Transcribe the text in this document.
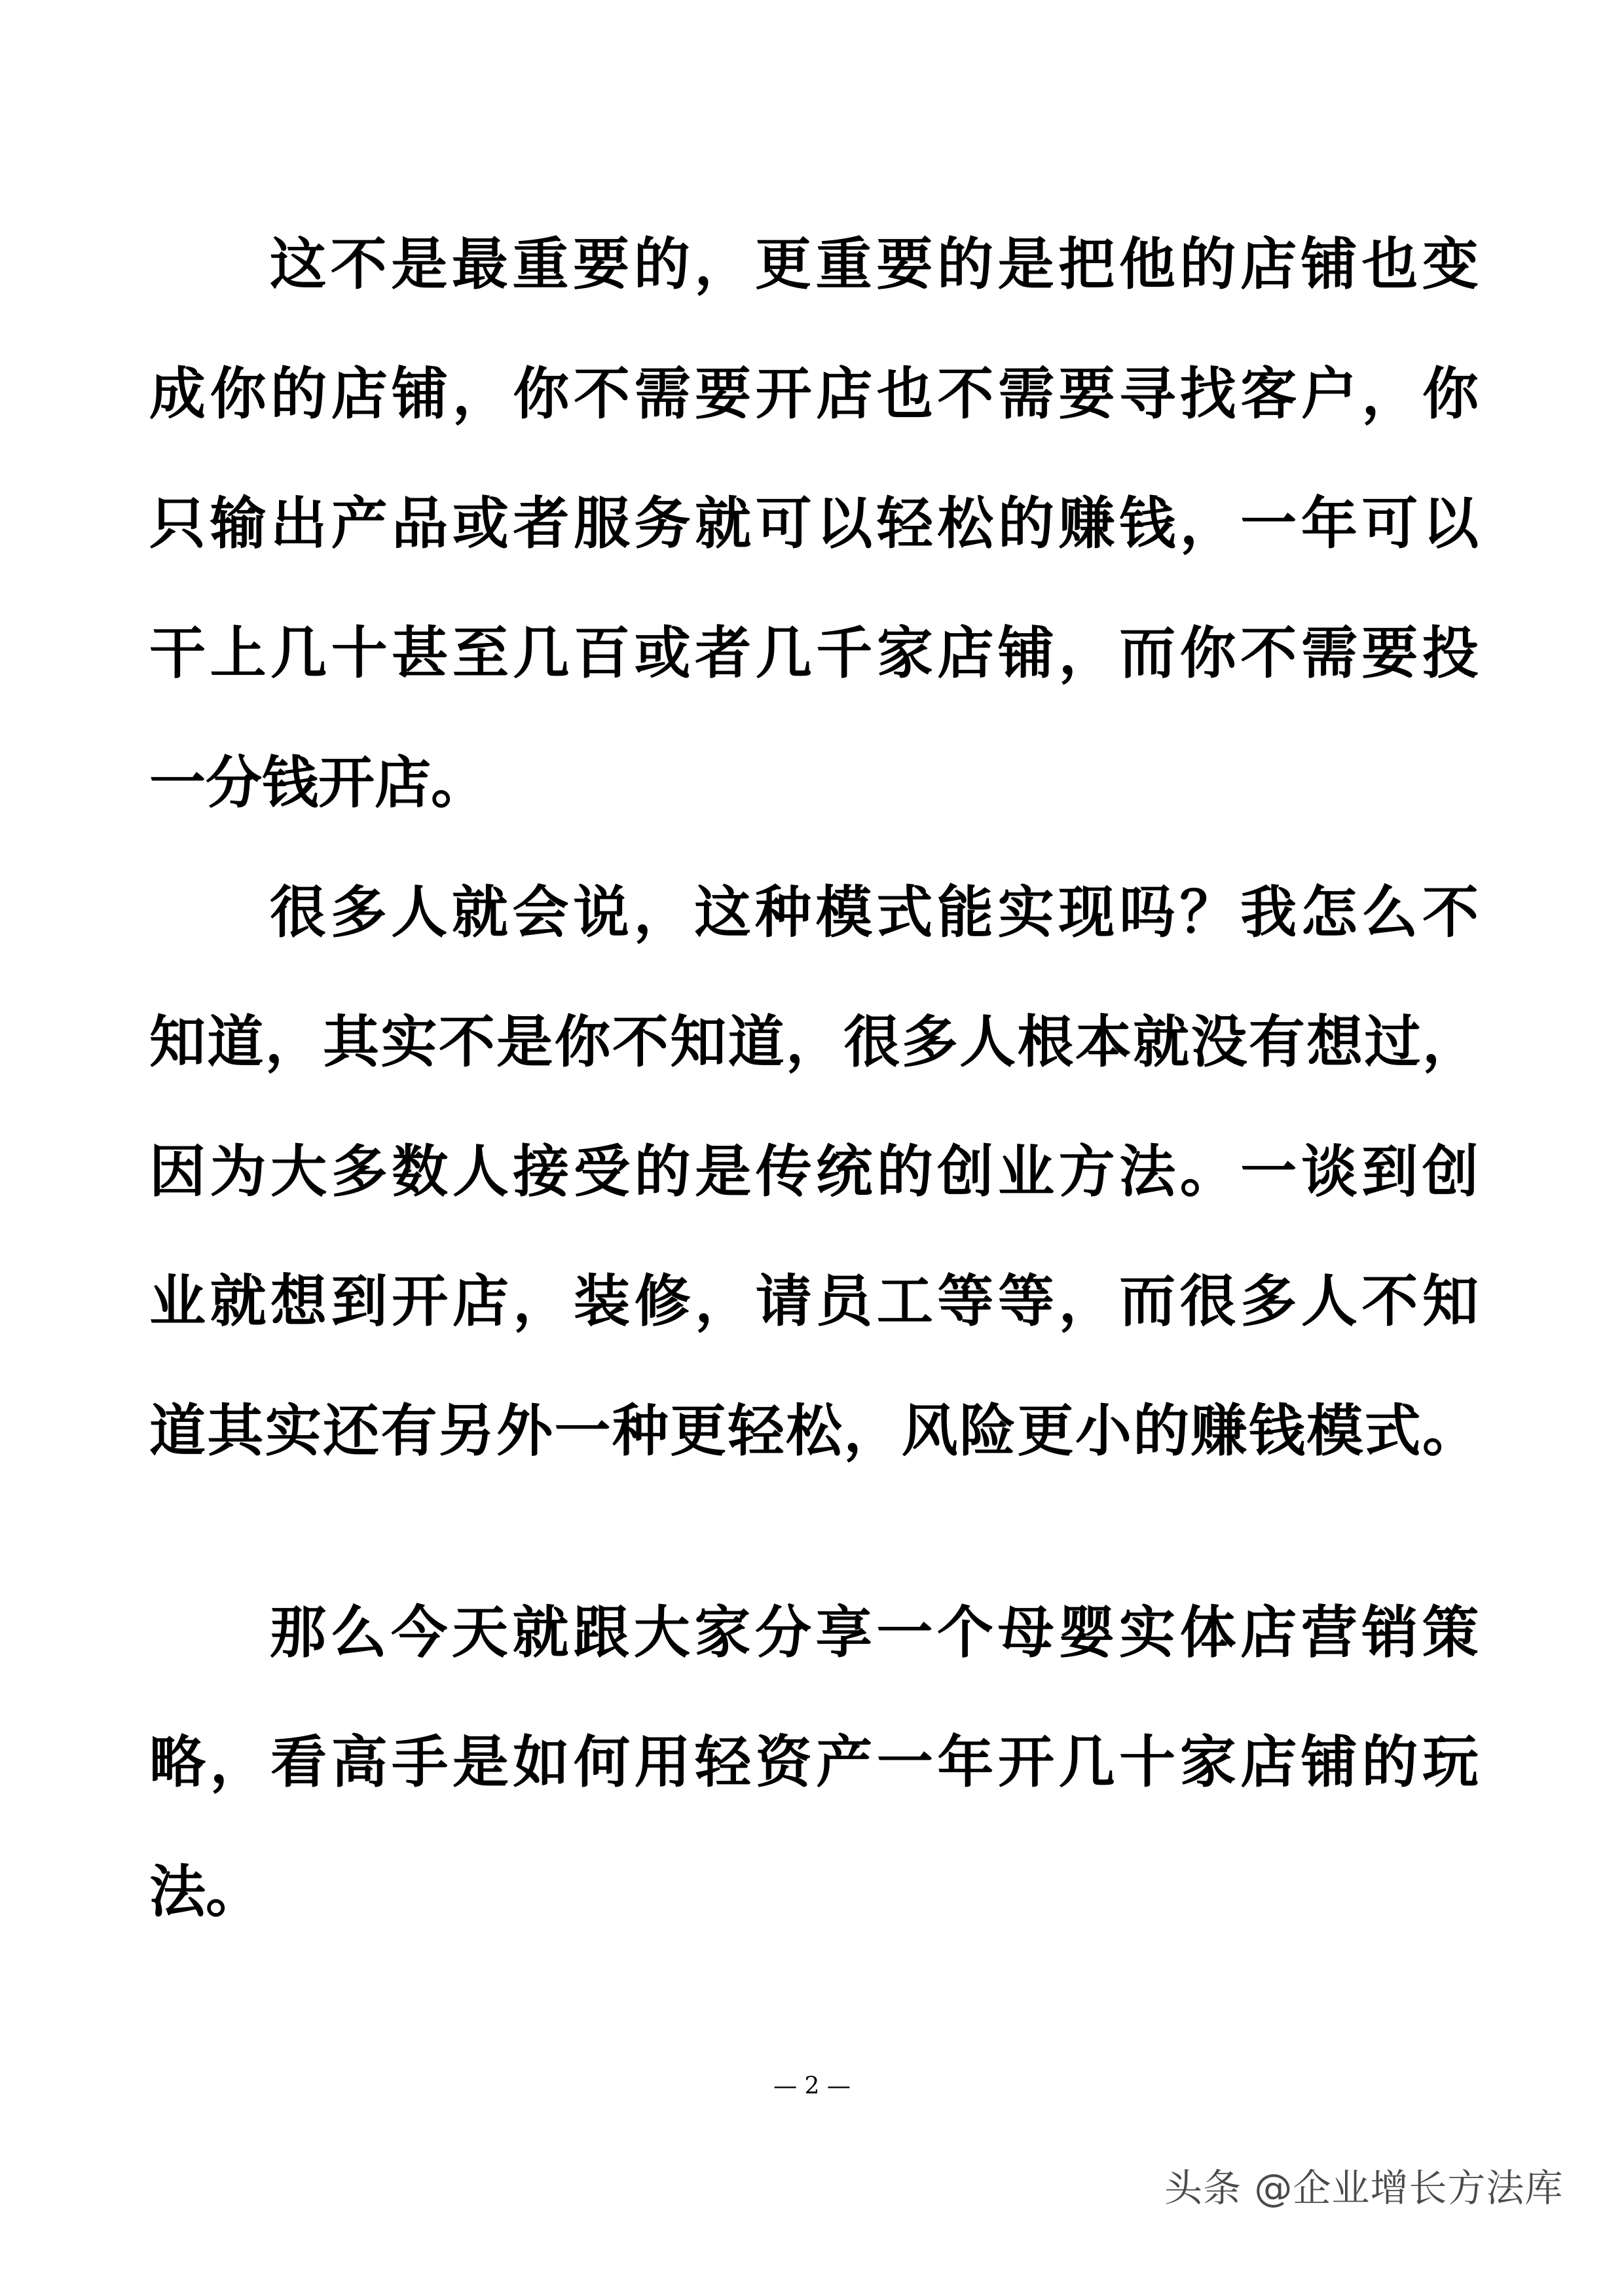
这不是最重要的，更重要的是把他的店铺也变
成你的店铺，你不需要开店也不需要寻找客户，你
只输出产品或者服务就可以轻松的赚钱，一年可以
干上几十甚至几百或者几千家店铺，而你不需要投
一分钱开店。
很多人就会说，这种模式能实现吗？我怎么不
知道，其实不是你不知道，很多人根本就没有想过，
因为大多数人接受的是传统的创业方法。一谈到创
业就想到开店，装修，请员工等等，而很多人不知
道其实还有另外一种更轻松，风险更小的赚钱模式。
那么今天就跟大家分享一个母婴实体店营销策
略，看高手是如何用轻资产一年开几十家店铺的玩
法。
— 2 —
头条 @企业增长方法库
